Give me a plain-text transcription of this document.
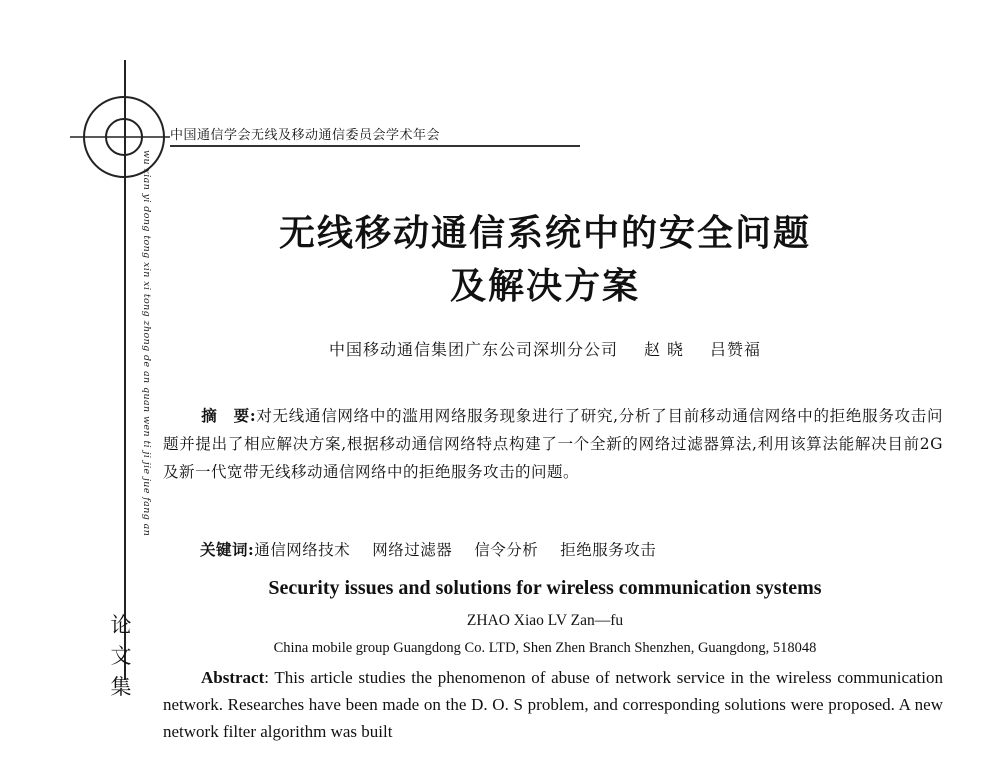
中国通信学会无线及移动通信委员会学术年会
wu xian yi dong tong xin xi tong zhong de an quan wen ti ji jie jue fang an
论
文
集
无线移动通信系统中的安全问题
及解决方案
中国移动通信集团广东公司深圳分公司 赵 晓 吕赞福
摘　要:对无线通信网络中的滥用网络服务现象进行了研究,分析了目前移动通信网络中的拒绝服务攻击问题并提出了相应解决方案,根据移动通信网络特点构建了一个全新的网络过滤器算法,利用该算法能解决目前2G及新一代宽带无线移动通信网络中的拒绝服务攻击的问题。
关键词:通信网络技术 网络过滤器 信令分析 拒绝服务攻击
Security issues and solutions for wireless communication systems
ZHAO Xiao LV Zan—fu
China mobile group Guangdong Co. LTD, Shen Zhen Branch Shenzhen, Guangdong, 518048
Abstract: This article studies the phenomenon of abuse of network service in the wireless communication network. Researches have been made on the D. O. S problem, and corresponding solutions were proposed. A new network filter algorithm was built
